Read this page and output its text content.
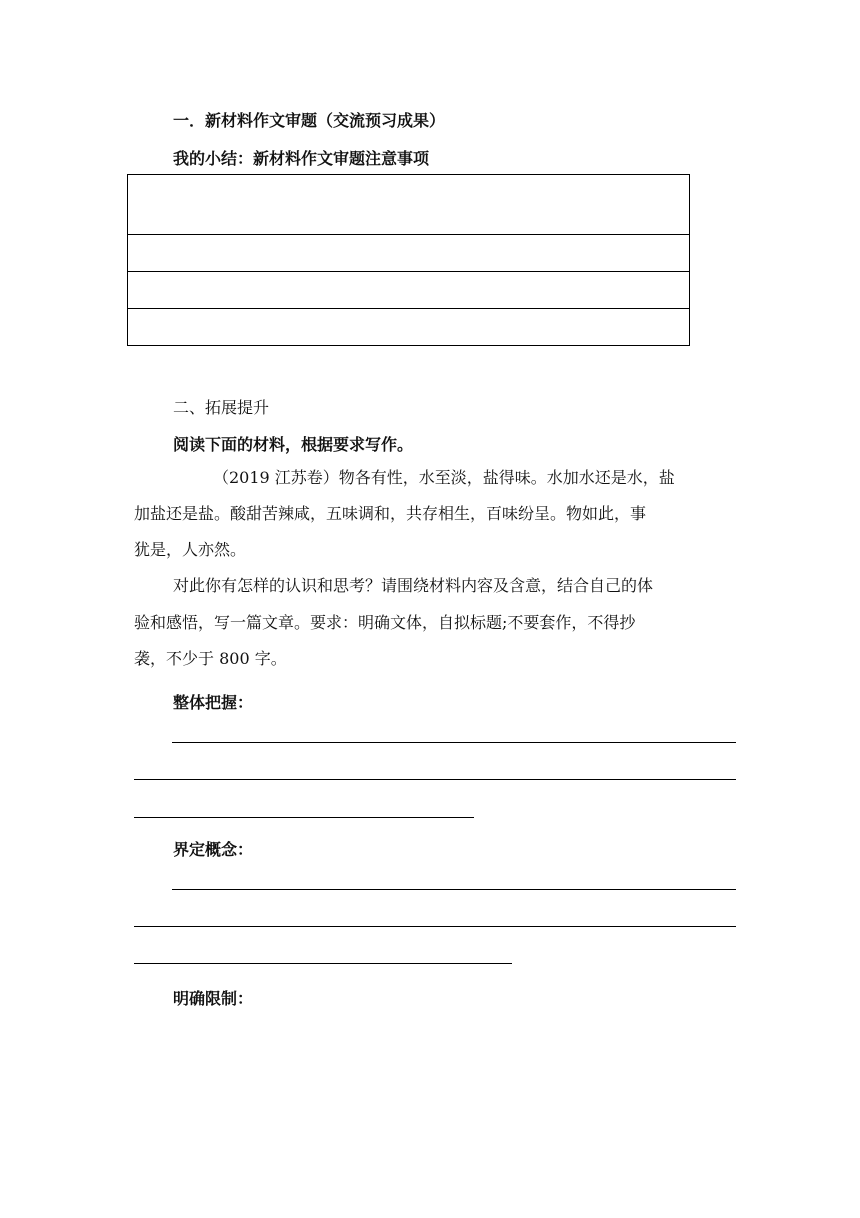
一．新材料作文审题（交流预习成果）
我的小结：新材料作文审题注意事项

二、拓展提升
阅读下面的材料，根据要求写作。
（2019 江苏卷）物各有性，水至淡，盐得味。水加水还是水，盐
加盐还是盐。酸甜苦辣咸，五味调和，共存相生，百味纷呈。物如此，事
犹是，人亦然。
对此你有怎样的认识和思考？请围绕材料内容及含意，结合自己的体
验和感悟，写一篇文章。要求：明确文体，自拟标题;不要套作，不得抄
袭，不少于 800 字。
整体把握：
界定概念：
明确限制：
